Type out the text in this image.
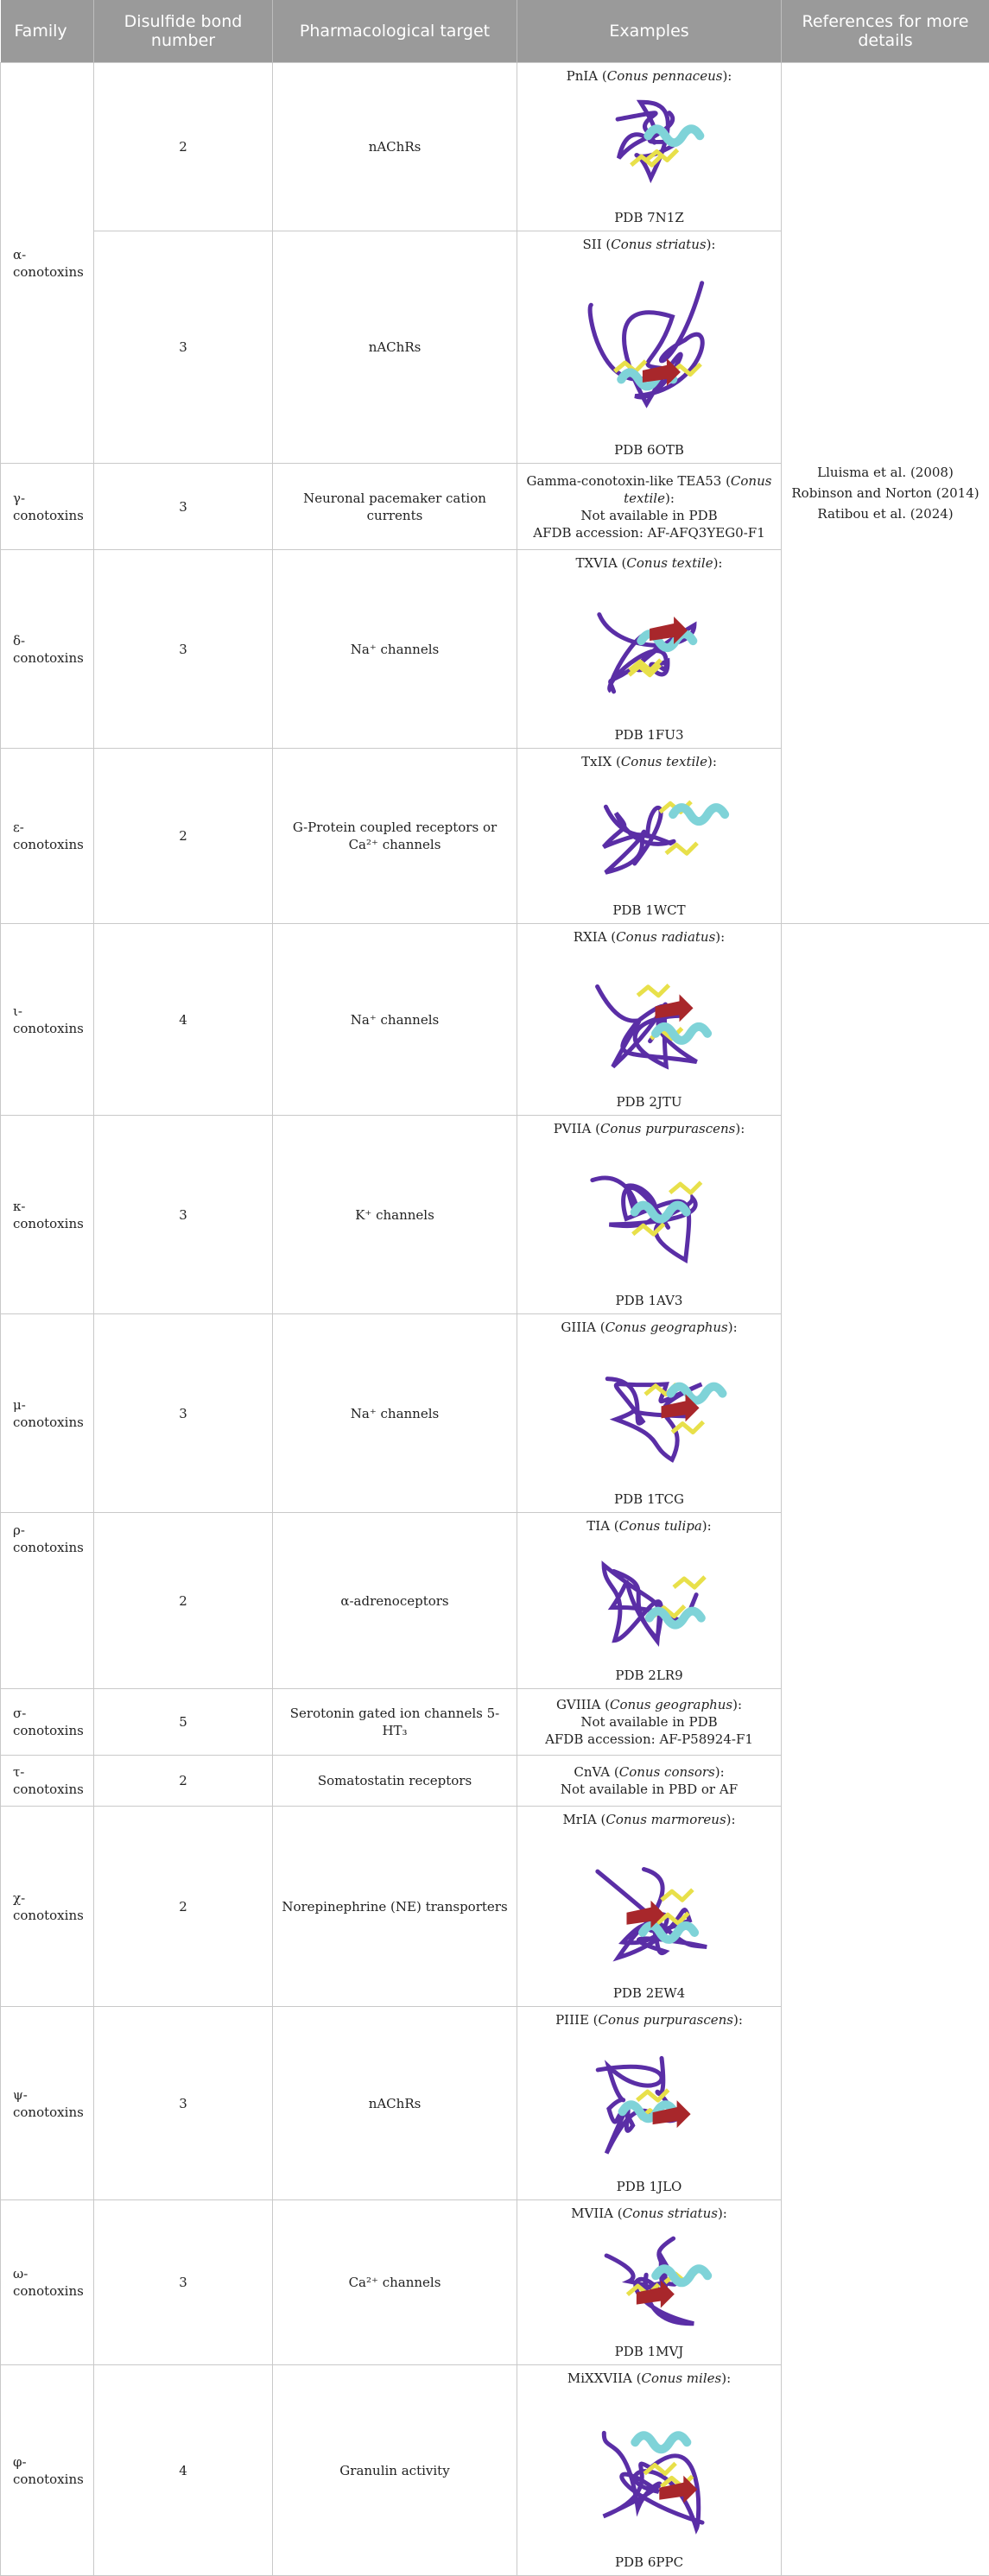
Family	Disulfide bond number	Pharmacological target	Examples	References for more details
α-conotoxins	2	nAChRs	PnIA (Conus pennaceus):
PDB 7N1Z	Lluisma et al. (2008)
Robinson and Norton (2014)
Ratibou et al. (2024)

	3	nAChRs	SII (Conus striatus):
PDB 6OTB	

γ-conotoxins	3	Neuronal pacemaker cation currents	Gamma-conotoxin-like TEA53 (Conus textile):
Not available in PDB
AFDB accession: AF-AFQ3YEG0-F1	

δ-conotoxins	3	Na⁺ channels	TXVIA (Conus textile):
PDB 1FU3	

ε-conotoxins	2	G-Protein coupled receptors or Ca²⁺ channels	TxIX (Conus textile):
PDB 1WCT	

ι-conotoxins	4	Na⁺ channels	RXIA (Conus radiatus):
PDB 2JTU	

κ-conotoxins	3	K⁺ channels	PVIIA (Conus purpurascens):
PDB 1AV3	

μ-conotoxins	3	Na⁺ channels	GIIIA (Conus geographus):
PDB 1TCG	

ρ-conotoxins	2	α-adrenoceptors	TIA (Conus tulipa):
PDB 2LR9	

σ-conotoxins	5	Serotonin gated ion channels 5-HT₃	GVIIIA (Conus geographus):
Not available in PDB
AFDB accession: AF-P58924-F1	

τ-conotoxins	2	Somatostatin receptors	CnVA (Conus consors):
Not available in PBD or AF	

χ-conotoxins	2	Norepinephrine (NE) transporters	MrIA (Conus marmoreus):
PDB 2EW4	

ψ-conotoxins	3	nAChRs	PIIIE (Conus purpurascens):
PDB 1JLO	

ω-conotoxins	3	Ca²⁺ channels	MVIIA (Conus striatus):
PDB 1MVJ	

φ-conotoxins	4	Granulin activity	MiXXVIIA (Conus miles):
PDB 6PPC	
